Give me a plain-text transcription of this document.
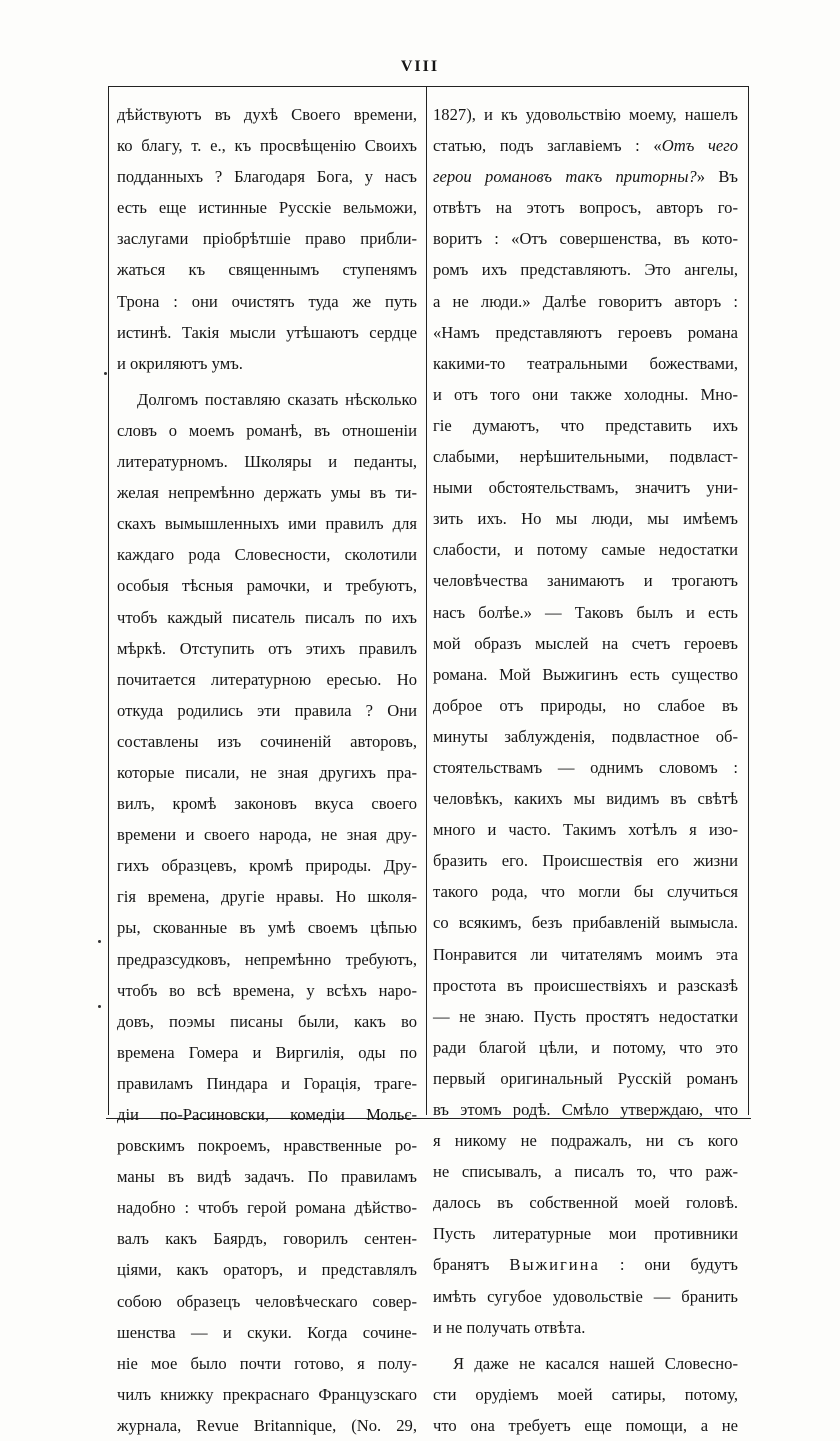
VIII
дѣйствуютъ въ духѣ Своего времени,
ко благу, т. е., къ просвѣщенію Своихъ
подданныхъ ? Благодаря Бога, у насъ
есть еще истинные Русскіе вельможи,
заслугами пріобрѣтшіе право прибли-
жаться къ священнымъ ступенямъ
Трона : они очистятъ туда же путь
истинѣ. Такія мысли утѣшаютъ сердце
и окриляютъ умъ.
Долгомъ поставляю сказать нѣсколько
словъ о моемъ романѣ, въ отношеніи
литературномъ. Школяры и педанты,
желая непремѣнно держать умы въ ти-
скахъ вымышленныхъ ими правилъ для
каждаго рода Словесности, сколотили
особыя тѣсныя рамочки, и требуютъ,
чтобъ каждый писатель писалъ по ихъ
мѣркѣ. Отступить отъ этихъ правилъ
почитается литературною ересью. Но
откуда родились эти правила ? Они
составлены изъ сочиненій авторовъ,
которые писали, не зная другихъ пра-
вилъ, кромѣ законовъ вкуса своего
времени и своего народа, не зная дру-
гихъ образцевъ, кромѣ природы. Дру-
гія времена, другіе нравы. Но школя-
ры, скованные въ умѣ своемъ цѣпью
предразсудковъ, непремѣнно требуютъ,
чтобъ во всѣ времена, у всѣхъ наро-
довъ, поэмы писаны были, какъ во
времена Гомера и Виргилія, оды по
правиламъ Пиндара и Горація, траге-
діи по-Расиновски, комедіи Мольє-
ровскимъ покроемъ, нравственные ро-
маны въ видѣ задачъ. По правиламъ
надобно : чтобъ герой романа дѣйство-
валъ какъ Баярдъ, говорилъ сентен-
ціями, какъ ораторъ, и представлялъ
собою образецъ человѣческаго совер-
шенства — и скуки. Когда сочине-
ніе мое было почти готово, я полу-
чилъ книжку прекраснаго Французскаго
журнала, Revue Britannique, (No. 29,
1827), и къ удовольствію моему, нашелъ
статью, подъ заглавіемъ : «Отъ чего
герои романовъ такъ приторны?» Въ
отвѣтъ на этотъ вопросъ, авторъ го-
воритъ : «Отъ совершенства, въ кото-
ромъ ихъ представляютъ. Это ангелы,
а не люди.» Далѣе говоритъ авторъ :
«Намъ представляютъ героевъ романа
какими-то театральными божествами,
и отъ того они также холодны. Мно-
гіе думаютъ, что представить ихъ
слабыми, нерѣшительными, подвласт-
ными обстоятельствамъ, значитъ уни-
зить ихъ. Но мы люди, мы имѣемъ
слабости, и потому самые недостатки
человѣчества занимаютъ и трогаютъ
насъ болѣе.» — Таковъ былъ и есть
мой образъ мыслей на счетъ героевъ
романа. Мой Выжигинъ есть существо
доброе отъ природы, но слабое въ
минуты заблужденія, подвластное об-
стоятельствамъ — однимъ словомъ :
человѣкъ, какихъ мы видимъ въ свѣтѣ
много и часто. Такимъ хотѣлъ я изо-
бразить его. Происшествія его жизни
такого рода, что могли бы случиться
со всякимъ, безъ прибавленій вымысла.
Понравится ли читателямъ моимъ эта
простота въ происшествіяхъ и разсказѣ
— не знаю. Пусть простятъ недостатки
ради благой цѣли, и потому, что это
первый оригинальный Русскій романъ
въ этомъ родѣ. Смѣло утверждаю, что
я никому не подражалъ, ни съ кого
не списывалъ, а писалъ то, что раж-
далось въ собственной моей головѣ.
Пусть литературные мои противники
бранятъ Выжигина : они будутъ
имѣть сугубое удовольствіе — бранить
и не получать отвѣта.
Я даже не касался нашей Словесно-
сти орудіемъ моей сатиры, потому,
что она требуетъ еще помощи, а не
